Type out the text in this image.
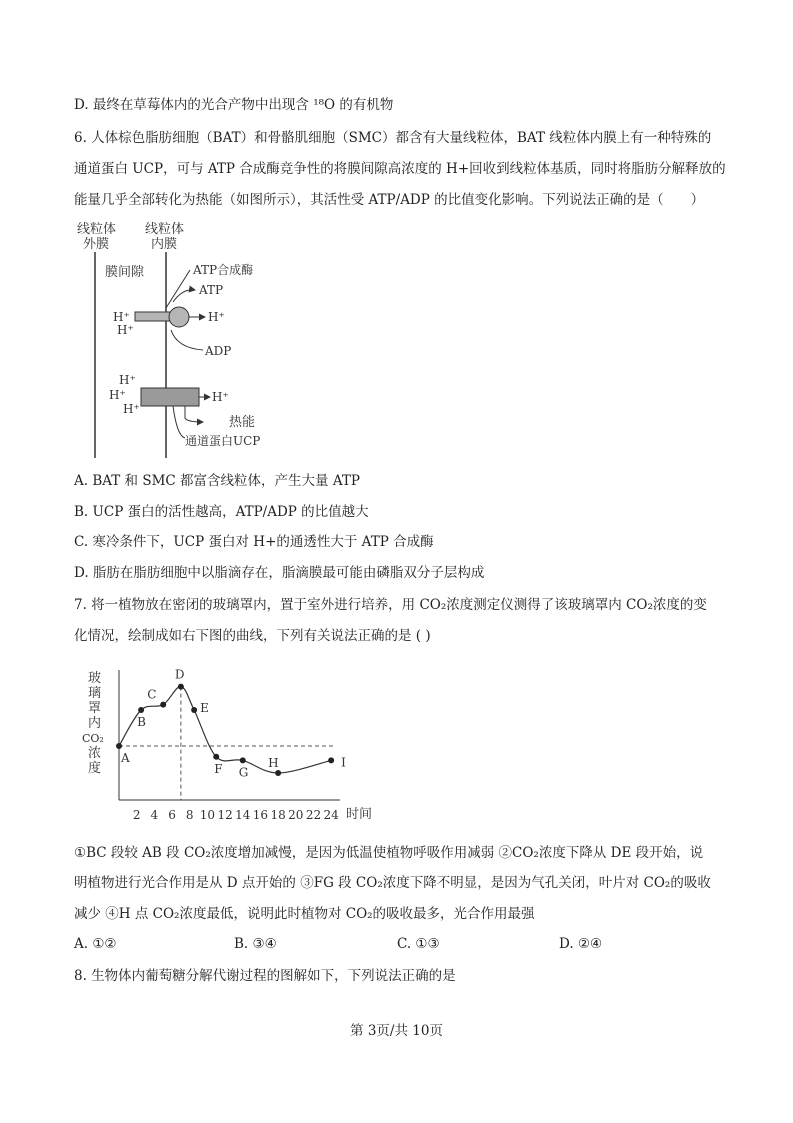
D. 最终在草莓体内的光合产物中出现含 ¹⁸O 的有机物
6. 人体棕色脂肪细胞（BAT）和骨骼肌细胞（SMC）都含有大量线粒体，BAT 线粒体内膜上有一种特殊的
通道蛋白 UCP，可与 ATP 合成酶竞争性的将膜间隙高浓度的 H+回收到线粒体基质，同时将脂肪分解释放的
能量几乎全部转化为热能（如图所示），其活性受 ATP/ADP 的比值变化影响。下列说法正确的是（　　）
线粒体
外膜
线粒体
内膜
膜间隙	ATP合成酶
ATP
H⁺
H⁺
H⁺
ADP
H⁺
H⁺
H⁺
H⁺
热能
通道蛋白UCP
A. BAT 和 SMC 都富含线粒体，产生大量 ATP
B. UCP 蛋白的活性越高，ATP/ADP 的比值越大
C. 寒冷条件下，UCP 蛋白对 H+的通透性大于 ATP 合成酶
D. 脂肪在脂肪细胞中以脂滴存在，脂滴膜最可能由磷脂双分子层构成
7. 将一植物放在密闭的玻璃罩内，置于室外进行培养，用 CO₂浓度测定仪测得了该玻璃罩内 CO₂浓度的变
化情况，绘制成如右下图的曲线，下列有关说法正确的是 ( )
玻
璃
罩
内
CO₂
浓
度
时间
2 4 6 8 10 12 14 16 18 20 22 24
A
B
C
D
E
F G
H	I
①BC 段较 AB 段 CO₂浓度增加减慢，是因为低温使植物呼吸作用减弱 ②CO₂浓度下降从 DE 段开始，说
明植物进行光合作用是从 D 点开始的 ③FG 段 CO₂浓度下降不明显，是因为气孔关闭，叶片对 CO₂的吸收
减少 ④H 点 CO₂浓度最低，说明此时植物对 CO₂的吸收最多，光合作用最强
A. ①②	B. ③④	C. ①③	D. ②④
8. 生物体内葡萄糖分解代谢过程的图解如下，下列说法正确的是
第 3页/共 10页
